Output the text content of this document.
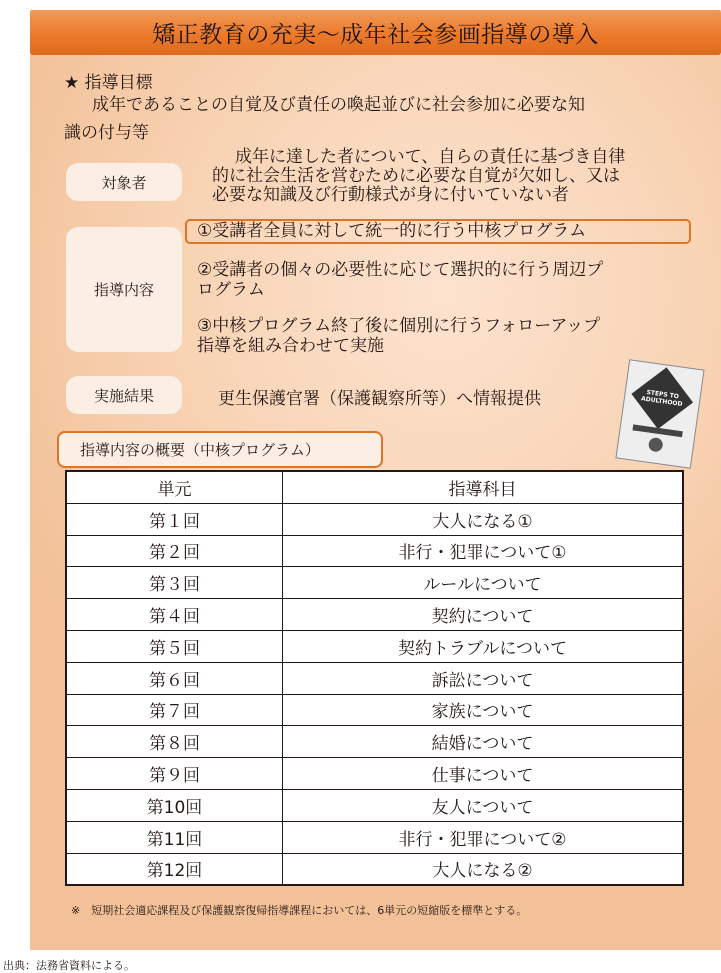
矯正教育の充実～成年社会参画指導の導入
★ 指導目標
成年であることの自覚及び責任の喚起並びに社会参加に必要な知
識の付与等
対象者
成年に達した者について、自らの責任に基づき自律
的に社会生活を営むために必要な自覚が欠如し、又は
必要な知識及び行動様式が身に付いていない者
指導内容
①受講者全員に対して統一的に行う中核プログラム
②受講者の個々の必要性に応じて選択的に行う周辺プ
ログラム
③中核プログラム終了後に個別に行うフォローアップ
指導を組み合わせて実施
実施結果	更生保護官署（保護観察所等）へ情報提供	STEPS TO ADULTHOOD
指導内容の概要（中核プログラム）
単元	指導科目
第１回	大人になる①
第２回	非行・犯罪について①
第３回	ルールについて
第４回	契約について
第５回	契約トラブルについて
第６回	訴訟について
第７回	家族について
第８回	結婚について
第９回	仕事について
第10回	友人について
第11回	非行・犯罪について②
第12回	大人になる②
※　短期社会適応課程及び保護観察復帰指導課程においては、6単元の短縮版を標準とする。
出典：法務省資料による。
